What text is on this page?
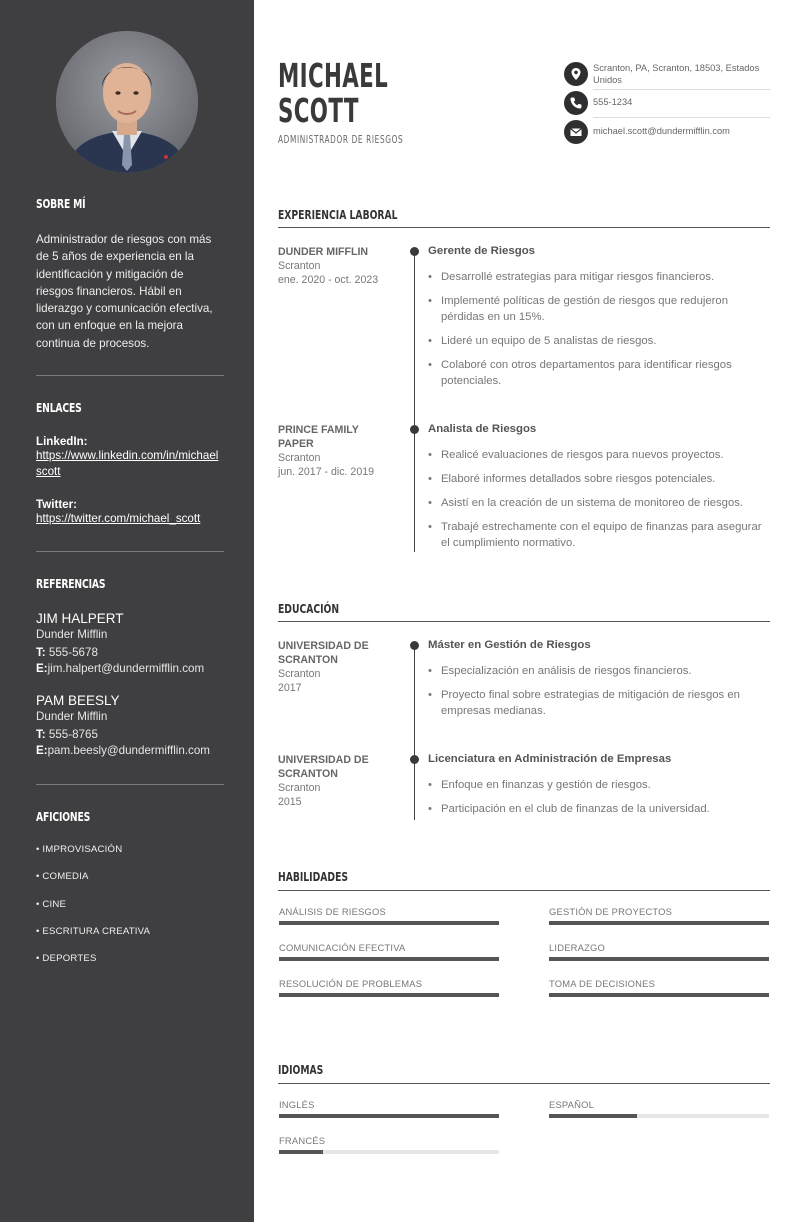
SOBRE MÍ
Administrador de riesgos con más de 5 años de experiencia en la identificación y mitigación de riesgos financieros. Hábil en liderazgo y comunicación efectiva, con un enfoque en la mejora continua de procesos.
ENLACES
LinkedIn:
https://www.linkedin.com/in/michaelscott
Twitter:
https://twitter.com/michael_scott
REFERENCIAS
JIM HALPERT
Dunder Mifflin
T: 555-5678
E:jim.halpert@dundermifflin.com
PAM BEESLY
Dunder Mifflin
T: 555-8765
E:pam.beesly@dundermifflin.com
AFICIONES
• IMPROVISACIÓN
• COMEDIA
• CINE
• ESCRITURA CREATIVA
• DEPORTES
MICHAEL
SCOTT
ADMINISTRADOR DE RIESGOS
Scranton, PA, Scranton, 18503, Estados Unidos
555-1234
michael.scott@dundermifflin.com
EXPERIENCIA LABORAL
DUNDER MIFFLIN
Scranton
ene. 2020 - oct. 2023
Gerente de Riesgos
• Desarrollé estrategias para mitigar riesgos financieros.
• Implementé políticas de gestión de riesgos que redujeron pérdidas en un 15%.
• Lideré un equipo de 5 analistas de riesgos.
• Colaboré con otros departamentos para identificar riesgos potenciales.
PRINCE FAMILY PAPER
Scranton
jun. 2017 - dic. 2019
Analista de Riesgos
• Realicé evaluaciones de riesgos para nuevos proyectos.
• Elaboré informes detallados sobre riesgos potenciales.
• Asistí en la creación de un sistema de monitoreo de riesgos.
• Trabajé estrechamente con el equipo de finanzas para asegurar el cumplimiento normativo.
EDUCACIÓN
UNIVERSIDAD DE SCRANTON
Scranton
2017
Máster en Gestión de Riesgos
• Especialización en análisis de riesgos financieros.
• Proyecto final sobre estrategias de mitigación de riesgos en empresas medianas.
UNIVERSIDAD DE SCRANTON
Scranton
2015
Licenciatura en Administración de Empresas
• Enfoque en finanzas y gestión de riesgos.
• Participación en el club de finanzas de la universidad.
HABILIDADES
ANÁLISIS DE RIESGOS	GESTIÓN DE PROYECTOS
COMUNICACIÓN EFECTIVA	LIDERAZGO
RESOLUCIÓN DE PROBLEMAS	TOMA DE DECISIONES
IDIOMAS
INGLÉS	ESPAÑOL
FRANCÉS
